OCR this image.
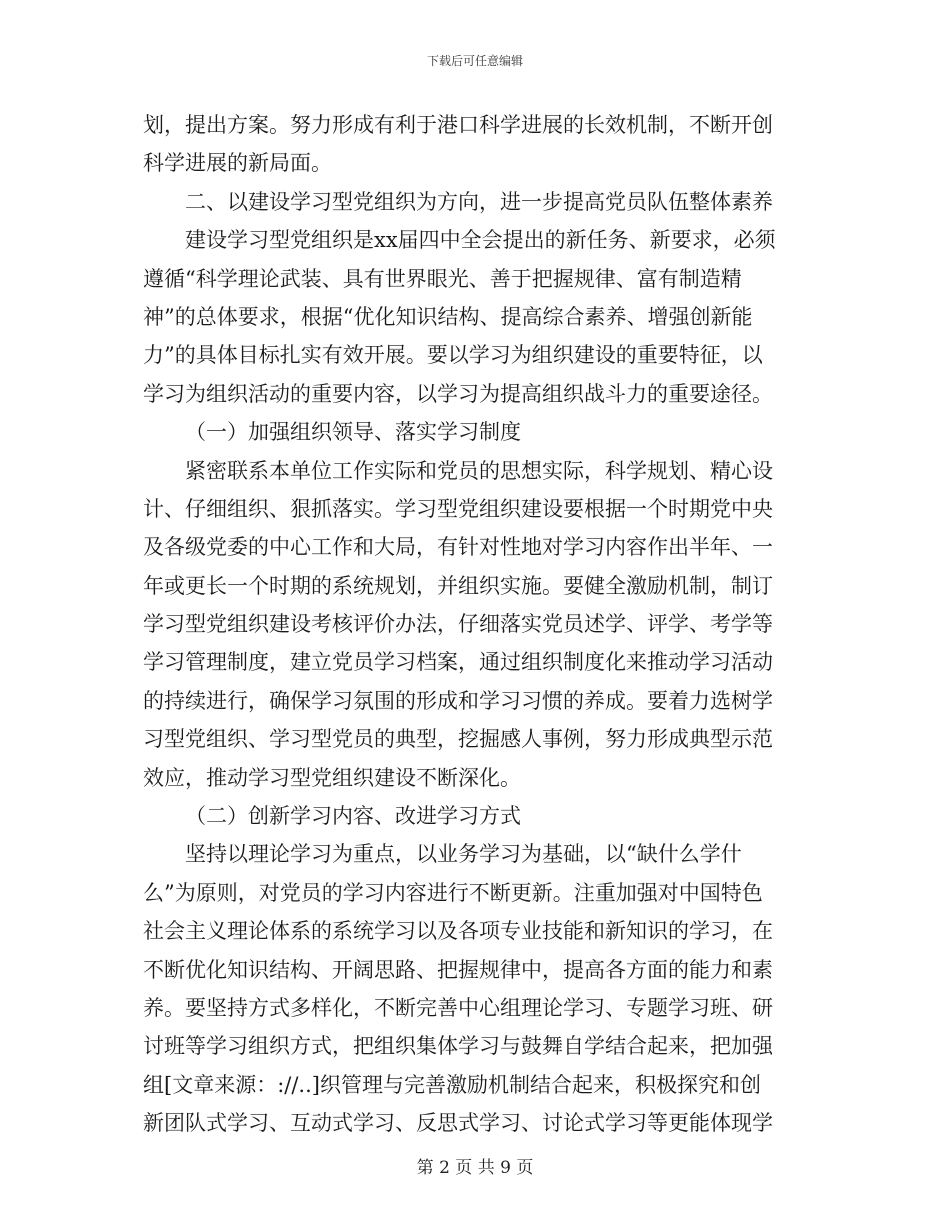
下载后可任意编辑
划，提出方案。努力形成有利于港口科学进展的长效机制，不断开创
科学进展的新局面。
二、以建设学习型党组织为方向，进一步提高党员队伍整体素养
建设学习型党组织是xx届四中全会提出的新任务、新要求，必须
遵循“科学理论武装、具有世界眼光、善于把握规律、富有制造精
神”的总体要求，根据“优化知识结构、提高综合素养、增强创新能
力”的具体目标扎实有效开展。要以学习为组织建设的重要特征，以
学习为组织活动的重要内容，以学习为提高组织战斗力的重要途径。
（一）加强组织领导、落实学习制度
紧密联系本单位工作实际和党员的思想实际，科学规划、精心设
计、仔细组织、狠抓落实。学习型党组织建设要根据一个时期党中央
及各级党委的中心工作和大局，有针对性地对学习内容作出半年、一
年或更长一个时期的系统规划，并组织实施。要健全激励机制，制订
学习型党组织建设考核评价办法，仔细落实党员述学、评学、考学等
学习管理制度，建立党员学习档案，通过组织制度化来推动学习活动
的持续进行，确保学习氛围的形成和学习习惯的养成。要着力选树学
习型党组织、学习型党员的典型，挖掘感人事例，努力形成典型示范
效应，推动学习型党组织建设不断深化。
（二）创新学习内容、改进学习方式
坚持以理论学习为重点，以业务学习为基础，以“缺什么学什
么”为原则，对党员的学习内容进行不断更新。注重加强对中国特色
社会主义理论体系的系统学习以及各项专业技能和新知识的学习，在
不断优化知识结构、开阔思路、把握规律中，提高各方面的能力和素
养。要坚持方式多样化，不断完善中心组理论学习、专题学习班、研
讨班等学习组织方式，把组织集体学习与鼓舞自学结合起来，把加强
组[文章来源：://..]织管理与完善激励机制结合起来，积极探究和创
新团队式学习、互动式学习、反思式学习、讨论式学习等更能体现学
第 2 页 共 9 页
